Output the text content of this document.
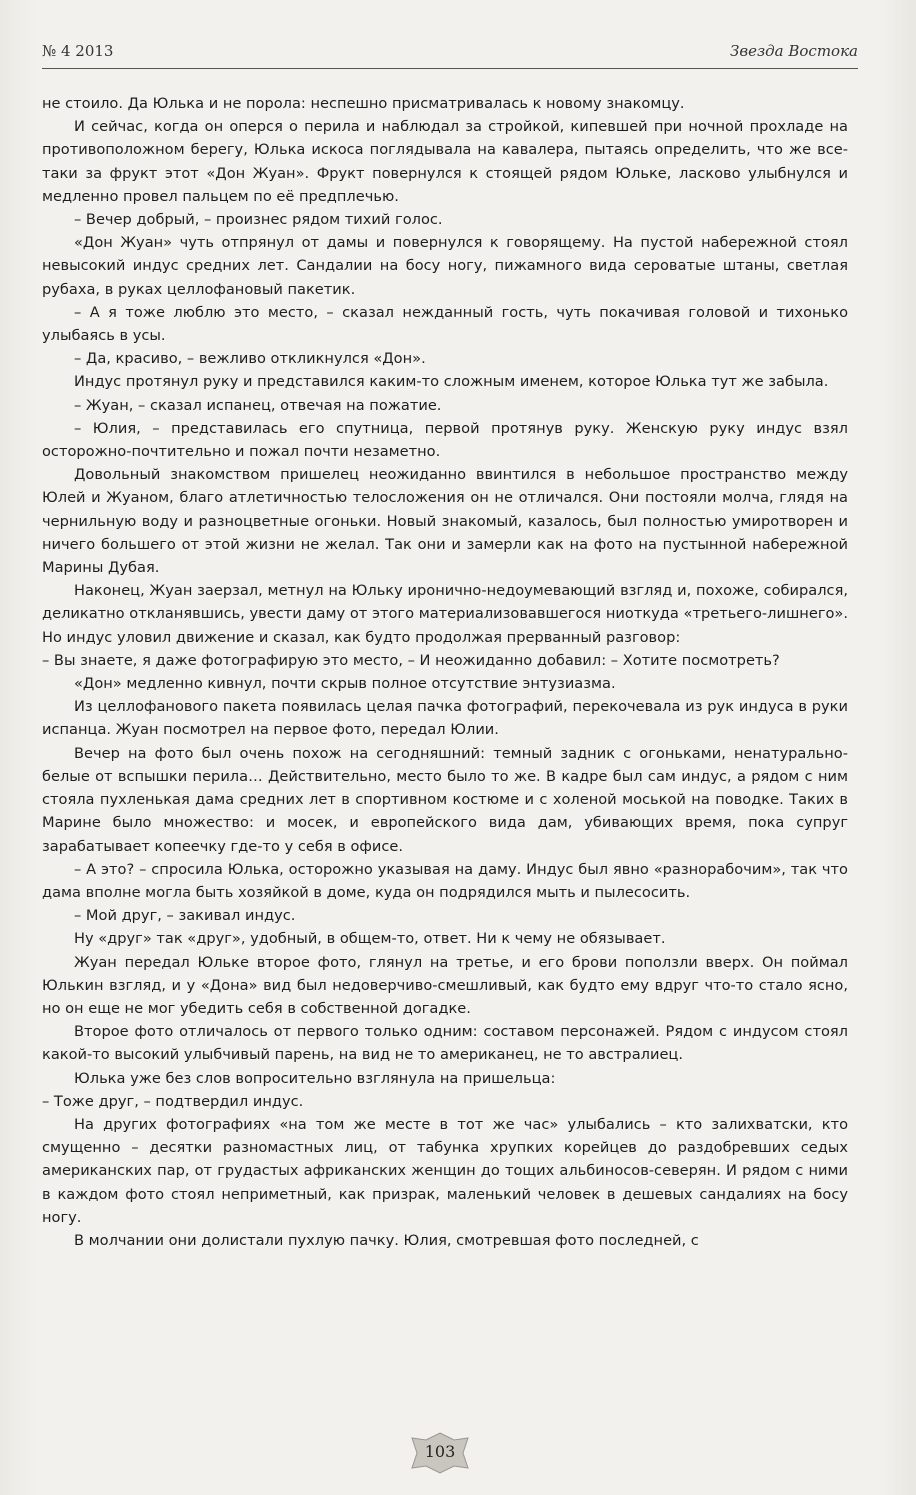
№ 4 2013	Звезда Востока

не стоило. Да Юлька и не порола: неспешно присматривалась к новому знакомцу.

И сейчас, когда он оперся о перила и наблюдал за стройкой, кипевшей при ночной прохладе на противоположном берегу, Юлька искоса поглядывала на кавалера, пытаясь определить, что же все-таки за фрукт этот «Дон Жуан». Фрукт повернулся к стоящей рядом Юльке, ласково улыбнулся и медленно провел пальцем по её предплечью.

– Вечер добрый, – произнес рядом тихий голос.

«Дон Жуан» чуть отпрянул от дамы и повернулся к говорящему. На пустой набережной стоял невысокий индус средних лет. Сандалии на босу ногу, пижамного вида сероватые штаны, светлая рубаха, в руках целлофановый пакетик.

– А я тоже люблю это место, – сказал нежданный гость, чуть покачивая головой и тихонько улыбаясь в усы.

– Да, красиво, – вежливо откликнулся «Дон».

Индус протянул руку и представился каким-то сложным именем, которое Юлька тут же забыла.

– Жуан, – сказал испанец, отвечая на пожатие.

– Юлия, – представилась его спутница, первой протянув руку. Женскую руку индус взял осторожно-почтительно и пожал почти незаметно.

Довольный знакомством пришелец неожиданно ввинтился в небольшое пространство между Юлей и Жуаном, благо атлетичностью телосложения он не отличался. Они постояли молча, глядя на чернильную воду и разноцветные огоньки. Новый знакомый, казалось, был полностью умиротворен и ничего большего от этой жизни не желал. Так они и замерли как на фото на пустынной набережной Марины Дубая.

Наконец, Жуан заерзал, метнул на Юльку иронично-недоумевающий взгляд и, похоже, собирался, деликатно откланявшись, увести даму от этого материализовавшегося ниоткуда «третьего-лишнего». Но индус уловил движение и сказал, как будто продолжая прерванный разговор:

– Вы знаете, я даже фотографирую это место, – И неожиданно добавил: – Хотите посмотреть?

«Дон» медленно кивнул, почти скрыв полное отсутствие энтузиазма.

Из целлофанового пакета появилась целая пачка фотографий, перекочевала из рук индуса в руки испанца. Жуан посмотрел на первое фото, передал Юлии.

Вечер на фото был очень похож на сегодняшний: темный задник с огоньками, ненатурально-белые от вспышки перила… Действительно, место было то же. В кадре был сам индус, а рядом с ним стояла пухленькая дама средних лет в спортивном костюме и с холеной моськой на поводке. Таких в Марине было множество: и мосек, и европейского вида дам, убивающих время, пока супруг зарабатывает копеечку где-то у себя в офисе.

– А это? – спросила Юлька, осторожно указывая на даму. Индус был явно «разнорабочим», так что дама вполне могла быть хозяйкой в доме, куда он подрядился мыть и пылесосить.

– Мой друг, – закивал индус.

Ну «друг» так «друг», удобный, в общем-то, ответ. Ни к чему не обязывает.

Жуан передал Юльке второе фото, глянул на третье, и его брови поползли вверх. Он поймал Юлькин взгляд, и у «Дона» вид был недоверчиво-смешливый, как будто ему вдруг что-то стало ясно, но он еще не мог убедить себя в собственной догадке.

Второе фото отличалось от первого только одним: составом персонажей. Рядом с индусом стоял какой-то высокий улыбчивый парень, на вид не то американец, не то австралиец.

Юлька уже без слов вопросительно взглянула на пришельца:

– Тоже друг, – подтвердил индус.

На других фотографиях «на том же месте в тот же час» улыбались – кто залихватски, кто смущенно – десятки разномастных лиц, от табунка хрупких корейцев до раздобревших седых американских пар, от грудастых африканских женщин до тощих альбиносов-северян. И рядом с ними в каждом фото стоял неприметный, как призрак, маленький человек в дешевых сандалиях на босу ногу.

В молчании они долистали пухлую пачку. Юлия, смотревшая фото последней, с

103
